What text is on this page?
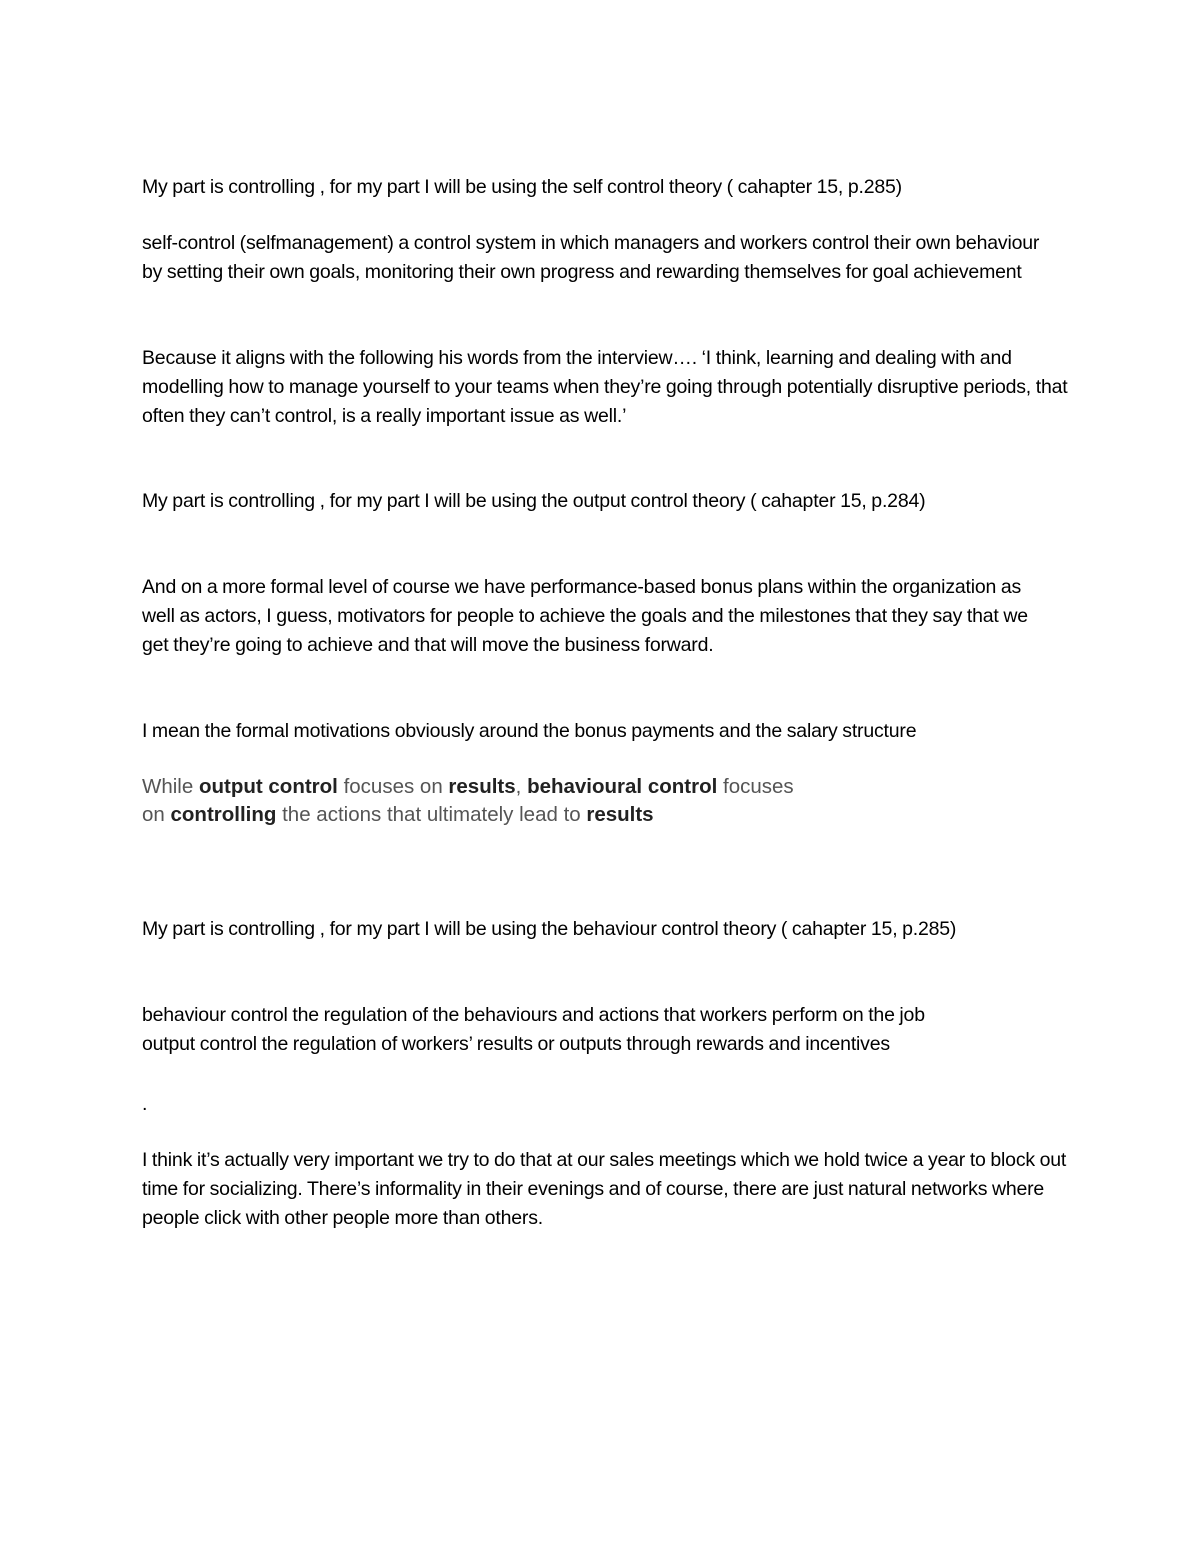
My part is controlling , for my part I will be using the self control theory ( cahapter 15, p.285)

self-control (selfmanagement) a control system in which managers and workers control their own behaviour by setting their own goals, monitoring their own progress and rewarding themselves for goal achievement

Because it aligns with the following his words from the interview…. ‘I think, learning and dealing with and modelling how to manage yourself to your teams when they’re going through potentially disruptive periods, that often they can’t control, is a really important issue as well.’

My part is controlling , for my part I will be using the output control theory ( cahapter 15, p.284)

And on a more formal level of course we have performance-based bonus plans within the organization as well as actors, I guess, motivators for people to achieve the goals and the milestones that they say that we get they’re going to achieve and that will move the business forward.

I mean the formal motivations obviously around the bonus payments and the salary structure

While output control focuses on results, behavioural control focuses
on controlling the actions that ultimately lead to results

My part is controlling , for my part I will be using the behaviour control theory ( cahapter 15, p.285)

behaviour control the regulation of the behaviours and actions that workers perform on the job

output control the regulation of workers’ results or outputs through rewards and incentives

.

I think it’s actually very important we try to do that at our sales meetings which we hold twice a year to block out time for socializing. There’s informality in their evenings and of course, there are just natural networks where people click with other people more than others.
